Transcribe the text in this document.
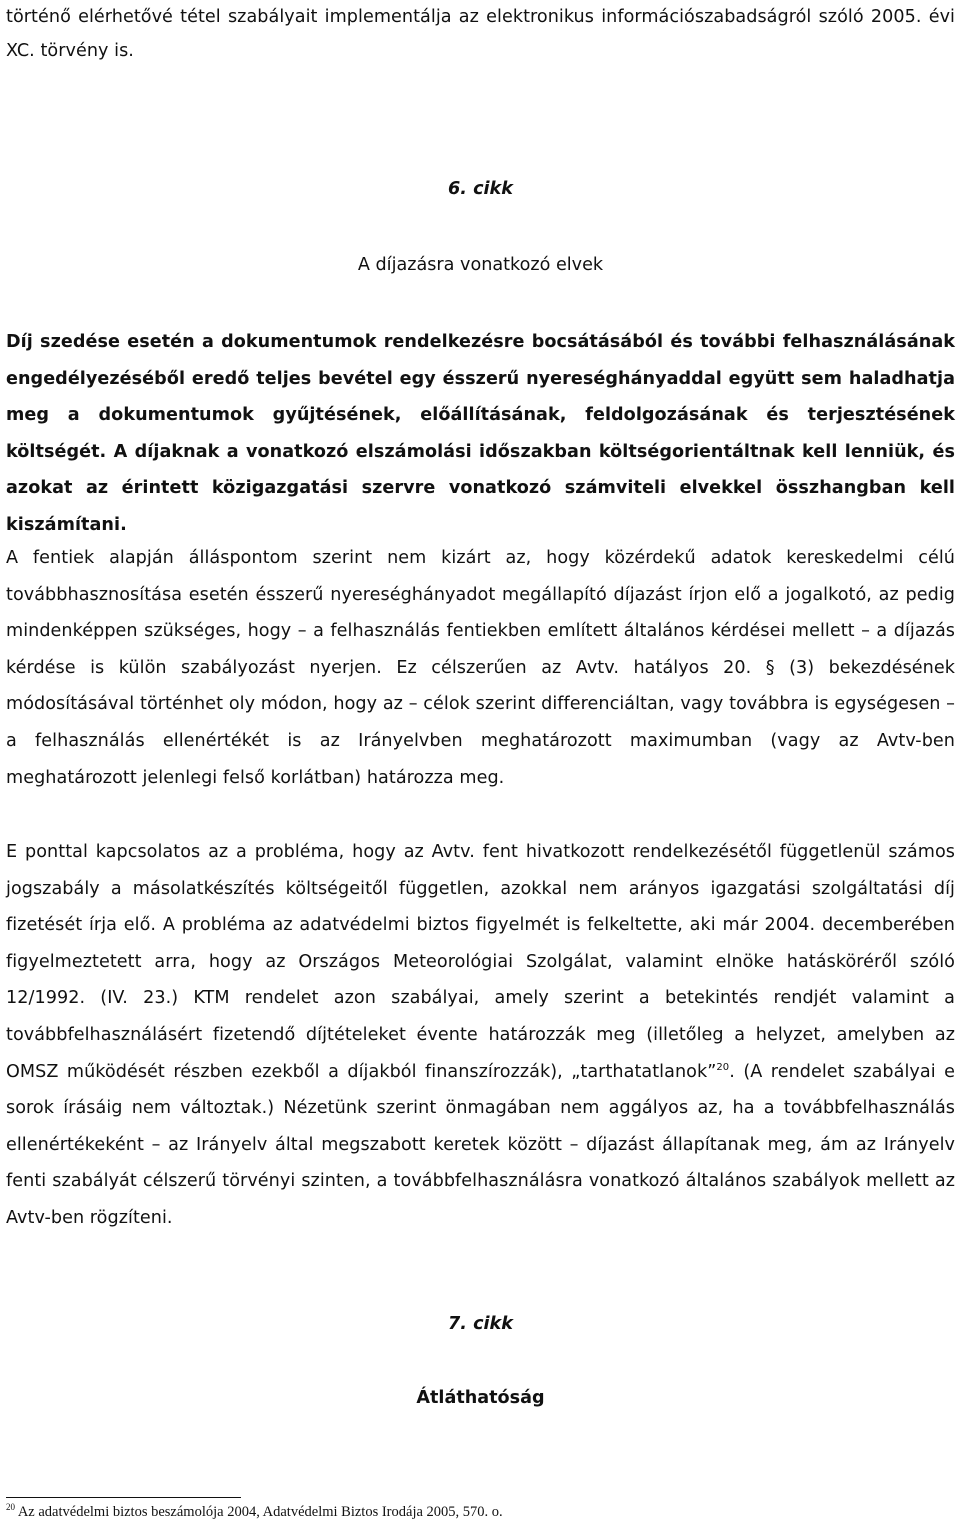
történő elérhetővé tétel szabályait implementálja az elektronikus információszabadságról szóló 2005. évi XC. törvény is.

6. cikk
A díjazásra vonatkozó elvek

Díj szedése esetén a dokumentumok rendelkezésre bocsátásából és további felhasználásának engedélyezéséből eredő teljes bevétel egy ésszerű nyereséghányaddal együtt sem haladhatja meg a dokumentumok gyűjtésének, előállításának, feldolgozásának és terjesztésének költségét. A díjaknak a vonatkozó elszámolási időszakban költségorientáltnak kell lenniük, és azokat az érintett közigazgatási szervre vonatkozó számviteli elvekkel összhangban kell kiszámítani.

A fentiek alapján álláspontom szerint nem kizárt az, hogy közérdekű adatok kereskedelmi célú továbbhasznosítása esetén ésszerű nyereséghányadot megállapító díjazást írjon elő a jogalkotó, az pedig mindenképpen szükséges, hogy – a felhasználás fentiekben említett általános kérdései mellett – a díjazás kérdése is külön szabályozást nyerjen. Ez célszerűen az Avtv. hatályos 20. § (3) bekezdésének módosításával történhet oly módon, hogy az – célok szerint differenciáltan, vagy továbbra is egységesen – a felhasználás ellenértékét is az Irányelvben meghatározott maximumban (vagy az Avtv-ben meghatározott jelenlegi felső korlátban) határozza meg.

E ponttal kapcsolatos az a probléma, hogy az Avtv. fent hivatkozott rendelkezésétől függetlenül számos jogszabály a másolatkészítés költségeitől független, azokkal nem arányos igazgatási szolgáltatási díj fizetését írja elő. A probléma az adatvédelmi biztos figyelmét is felkeltette, aki már 2004. decemberében figyelmeztetett arra, hogy az Országos Meteorológiai Szolgálat, valamint elnöke hatásköréről szóló 12/1992. (IV. 23.) KTM rendelet azon szabályai, amely szerint a betekintés rendjét valamint a továbbfelhasználásért fizetendő díjtételeket évente határozzák meg (illetőleg a helyzet, amelyben az OMSZ működését részben ezekből a díjakból finanszírozzák), „tarthatatlanok”$^{20}$. (A rendelet szabályai e sorok írásáig nem változtak.) Nézetünk szerint önmagában nem aggályos az, ha a továbbfelhasználás ellenértékeként – az Irányelv által megszabott keretek között – díjazást állapítanak meg, ám az Irányelv fenti szabályát célszerű törvényi szinten, a továbbfelhasználásra vonatkozó általános szabályok mellett az Avtv-ben rögzíteni.

7. cikk
Átláthatóság
$^{20}$ Az adatvédelmi biztos beszámolója 2004, Adatvédelmi Biztos Irodája 2005, 570. o.
